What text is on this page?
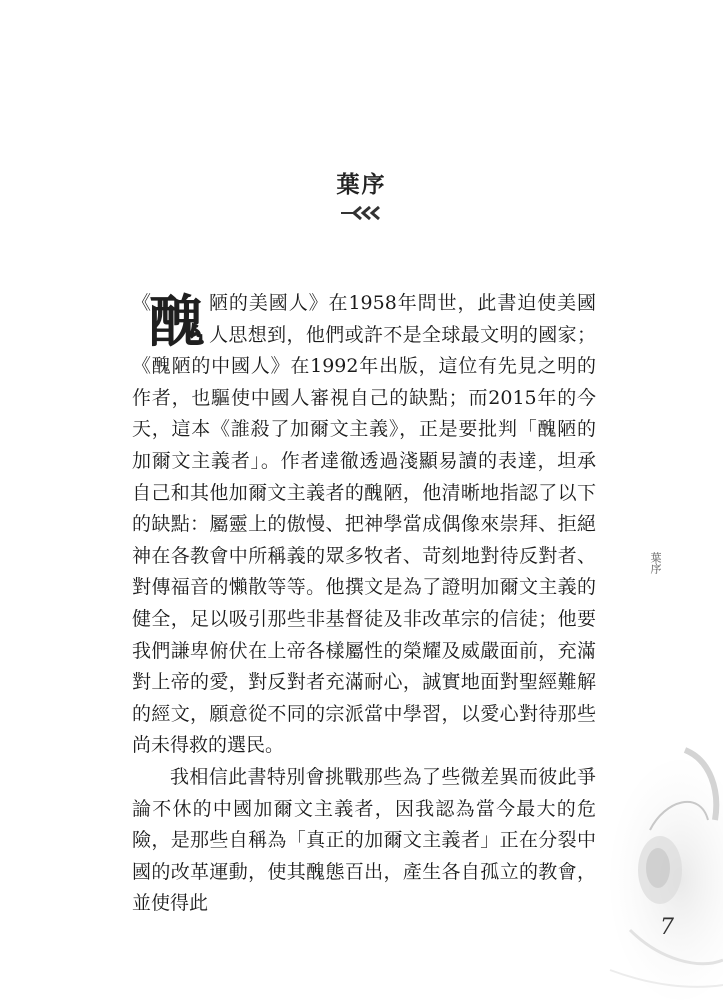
葉序

《
醜 陋的美國人》在1958年問世，此書迫使美國人思想到，他們或許不是全球最文明的國家；《醜陋的中國人》在1992年出版，這位有先見之明的作者，也驅使中國人審視自己的缺點；而2015年的今天，這本《誰殺了加爾文主義》，正是要批判「醜陋的加爾文主義者」。作者達徹透過淺顯易讀的表達，坦承自己和其他加爾文主義者的醜陋，他清晰地指認了以下的缺點：屬靈上的傲慢、把神學當成偶像來崇拜、拒絕神在各教會中所稱義的眾多牧者、苛刻地對待反對者、對傳福音的懶散等等。他撰文是為了證明加爾文主義的健全，足以吸引那些非基督徒及非改革宗的信徒；他要我們謙卑俯伏在上帝各樣屬性的榮耀及威嚴面前，充滿對上帝的愛，對反對者充滿耐心，誠實地面對聖經難解的經文，願意從不同的宗派當中學習，以愛心對待那些尚未得救的選民。

我相信此書特別會挑戰那些為了些微差異而彼此爭論不休的中國加爾文主義者，因我認為當今最大的危險，是那些自稱為「真正的加爾文主義者」正在分裂中國的改革運動，使其醜態百出，產生各自孤立的教會，並使得此

葉序
7
